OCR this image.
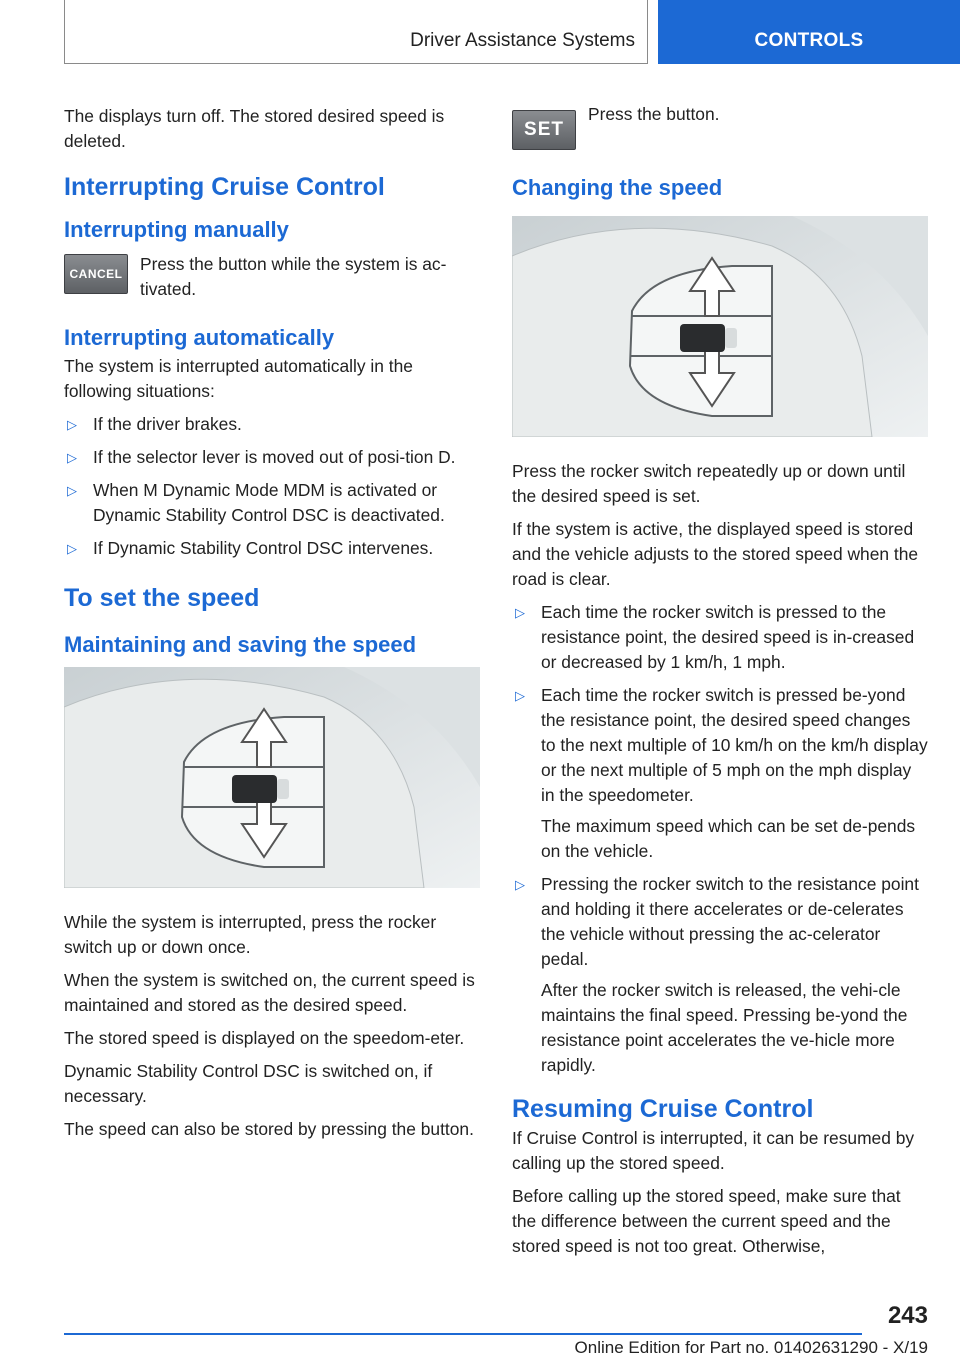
Driver Assistance Systems	CONTROLS

The displays turn off. The stored desired speed is deleted.

Interrupting Cruise Control
Interrupting manually
CANCEL Press the button while the system is ac‐tivated.

Interrupting automatically

The system is interrupted automatically in the following situations:

▷ If the driver brakes.
▷ If the selector lever is moved out of posi‐tion D.
▷ When M Dynamic Mode MDM is activated or Dynamic Stability Control DSC is deactivated.
▷ If Dynamic Stability Control DSC intervenes.
To set the speed
Maintaining and saving the speed

While the system is interrupted, press the rocker switch up or down once.

When the system is switched on, the current speed is maintained and stored as the desired speed.

The stored speed is displayed on the speedom‐eter.

Dynamic Stability Control DSC is switched on, if necessary.

The speed can also be stored by pressing the button.

SET

Press the button.

Changing the speed

Press the rocker switch repeatedly up or down until the desired speed is set.

If the system is active, the displayed speed is stored and the vehicle adjusts to the stored speed when the road is clear.

▷ Each time the rocker switch is pressed to the resistance point, the desired speed is in‐creased or decreased by 1 km/h, 1 mph.
▷ Each time the rocker switch is pressed be‐yond the resistance point, the desired speed changes to the next multiple of 10 km/h on the km/h display or the next multiple of 5 mph on the mph display in the speedometer.

The maximum speed which can be set de‐pends on the vehicle.

▷ Pressing the rocker switch to the resistance point and holding it there accelerates or de‐celerates the vehicle without pressing the ac‐celerator pedal.

After the rocker switch is released, the vehi‐cle maintains the final speed. Pressing be‐yond the resistance point accelerates the ve‐hicle more rapidly.

Resuming Cruise Control

If Cruise Control is interrupted, it can be resumed by calling up the stored speed.

Before calling up the stored speed, make sure that the difference between the current speed and the stored speed is not too great. Otherwise,

243
Online Edition for Part no. 01402631290 - X/19
